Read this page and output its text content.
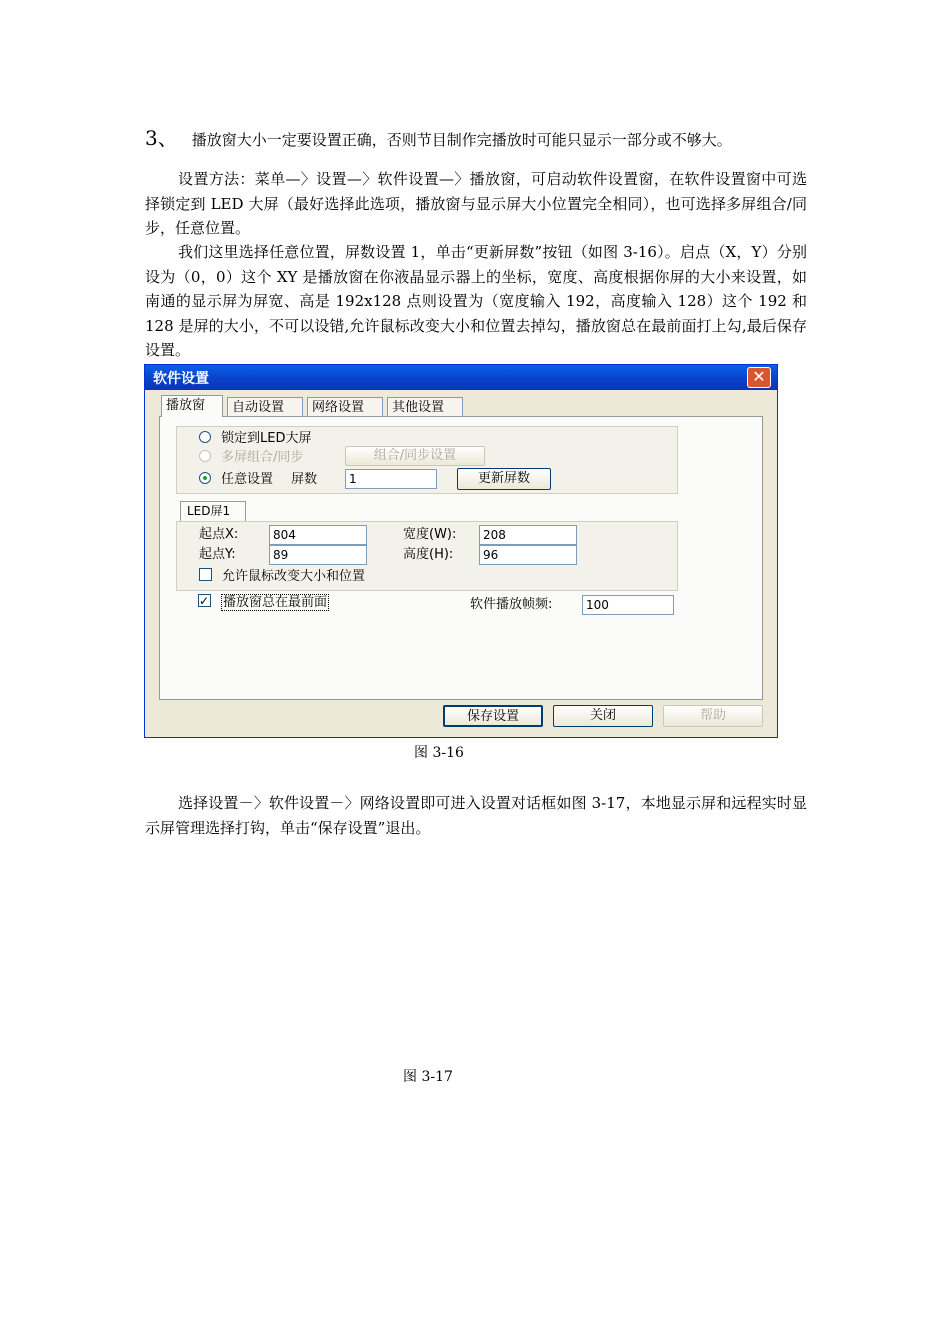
3、 播放窗大小一定要设置正确，否则节目制作完播放时可能只显示一部分或不够大。
设置方法：菜单—〉设置—〉软件设置—〉播放窗，可启动软件设置窗，在软件设置窗中可选择锁定到 LED 大屏（最好选择此选项，播放窗与显示屏大小位置完全相同），也可选择多屏组合/同步，任意位置。
我们这里选择任意位置，屏数设置 1，单击“更新屏数”按钮（如图 3-16）。启点（X，Y）分别设为（0，0）这个 XY 是播放窗在你液晶显示器上的坐标，宽度、高度根据你屏的大小来设置，如南通的显示屏为屏宽、高是 192x128 点则设置为（宽度输入 192，高度输入 128）这个 192 和 128 是屏的大小，不可以设错,允许鼠标改变大小和位置去掉勾，播放窗总在最前面打上勾,最后保存设置。
软件设置	✕
播放窗	自动设置	网络设置	其他设置
锁定到LED大屏
多屏组合/同步	组合/同步设置
任意设置 屏数	1	更新屏数
LED屏1
起点X:	804	宽度(W):	208
起点Y:	89	高度(H):	96
允许鼠标改变大小和位置
✓播放窗总在最前面	软件播放帧频:	100
保存设置	关闭	帮助
图 3-16
选择设置－〉软件设置－〉网络设置即可进入设置对话框如图 3-17，本地显示屏和远程实时显示屏管理选择打钩，单击“保存设置”退出。
图 3-17
